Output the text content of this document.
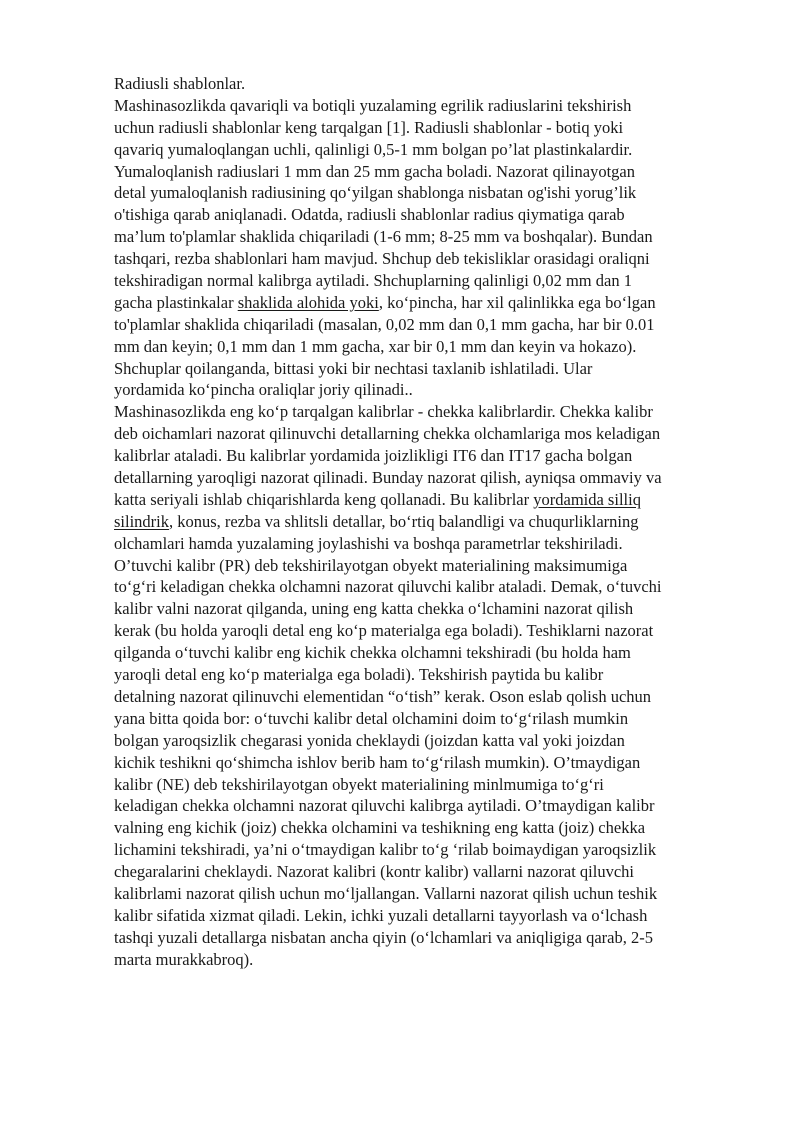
Radiusli shablonlar.
Mashinasozlikda qavariqli va botiqli yuzalaming egrilik radiuslarini tekshirish
uchun radiusli shablonlar keng tarqalgan [1]. Radiusli shablonlar - botiq yoki
qavariq yumaloqlangan uchli, qalinligi 0,5-1 mm bolgan po’lat plastinkalardir.
Yumaloqlanish radiuslari 1 mm dan 25 mm gacha boladi. Nazorat qilinayotgan
detal yumaloqlanish radiusining qo‘yilgan shablonga nisbatan og'ishi yorug’lik
o'tishiga qarab aniqlanadi. Odatda, radiusli shablonlar radius qiymatiga qarab
ma’lum to'plamlar shaklida chiqariladi (1-6 mm; 8-25 mm va boshqalar). Bundan
tashqari, rezba shablonlari ham mavjud. Shchup deb tekisliklar orasidagi oraliqni
tekshiradigan normal kalibrga aytiladi. Shchuplarning qalinligi 0,02 mm dan 1
gacha plastinkalar shaklida alohida yoki, ko‘pincha, har xil qalinlikka ega bo‘lgan
to'plamlar shaklida chiqariladi (masalan, 0,02 mm dan 0,1 mm gacha, har bir 0.01
mm dan keyin; 0,1 mm dan 1 mm gacha, xar bir 0,1 mm dan keyin va hokazo).
Shchuplar qoilanganda, bittasi yoki bir nechtasi taxlanib ishlatiladi. Ular
yordamida ko‘pincha oraliqlar joriy qilinadi..
Mashinasozlikda eng ko‘p tarqalgan kalibrlar - chekka kalibrlardir. Chekka kalibr
deb oichamlari nazorat qilinuvchi detallarning chekka olchamlariga mos keladigan
kalibrlar ataladi. Bu kalibrlar yordamida joizlikligi IT6 dan IT17 gacha bolgan
detallarning yaroqligi nazorat qilinadi. Bunday nazorat qilish, ayniqsa ommaviy va
katta seriyali ishlab chiqarishlarda keng qollanadi. Bu kalibrlar yordamida silliq
silindrik, konus, rezba va shlitsli detallar, bo‘rtiq balandligi va chuqurliklarning
olchamlari hamda yuzalaming joylashishi va boshqa parametrlar tekshiriladi.
O’tuvchi kalibr (PR) deb tekshirilayotgan obyekt materialining maksimumiga
to‘g‘ri keladigan chekka olchamni nazorat qiluvchi kalibr ataladi. Demak, o‘tuvchi
kalibr valni nazorat qilganda, uning eng katta chekka o‘lchamini nazorat qilish
kerak (bu holda yaroqli detal eng ko‘p materialga ega boladi). Teshiklarni nazorat
qilganda o‘tuvchi kalibr eng kichik chekka olchamni tekshiradi (bu holda ham
yaroqli detal eng ko‘p materialga ega boladi). Tekshirish paytida bu kalibr
detalning nazorat qilinuvchi elementidan “o‘tish” kerak. Oson eslab qolish uchun
yana bitta qoida bor: o‘tuvchi kalibr detal olchamini doim to‘g‘rilash mumkin
bolgan yaroqsizlik chegarasi yonida cheklaydi (joizdan katta val yoki joizdan
kichik teshikni qo‘shimcha ishlov berib ham to‘g‘rilash mumkin). O’tmaydigan
kalibr (NE) deb tekshirilayotgan obyekt materialining minlmumiga to‘g‘ri
keladigan chekka olchamni nazorat qiluvchi kalibrga aytiladi. O’tmaydigan kalibr
valning eng kichik (joiz) chekka olchamini va teshikning eng katta (joiz) chekka
lichamini tekshiradi, ya’ni o‘tmaydigan kalibr to‘g ‘rilab boimaydigan yaroqsizlik
chegaralarini cheklaydi. Nazorat kalibri (kontr kalibr) vallarni nazorat qiluvchi
kalibrlami nazorat qilish uchun mo‘ljallangan. Vallarni nazorat qilish uchun teshik
kalibr sifatida xizmat qiladi. Lekin, ichki yuzali detallarni tayyorlash va o‘lchash
tashqi yuzali detallarga nisbatan ancha qiyin (o‘lchamlari va aniqligiga qarab, 2-5
marta murakkabroq).
